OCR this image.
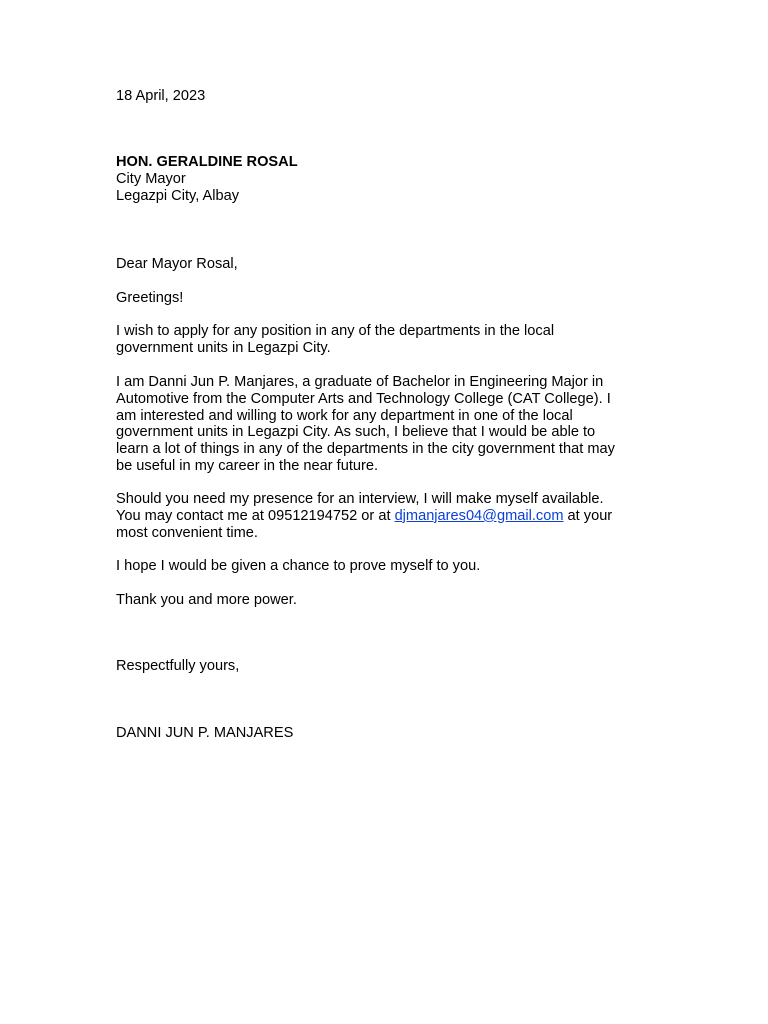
18 April, 2023

HON. GERALDINE ROSAL
City Mayor
Legazpi City, Albay

Dear Mayor Rosal,

Greetings!

I wish to apply for any position in any of the departments in the local
government units in Legazpi City.
I am Danni Jun P. Manjares, a graduate of Bachelor in Engineering Major in
Automotive from the Computer Arts and Technology College (CAT College). I
am interested and willing to work for any department in one of the local
government units in Legazpi City. As such, I believe that I would be able to
learn a lot of things in any of the departments in the city government that may
be useful in my career in the near future.
Should you need my presence for an interview, I will make myself available.
You may contact me at 09512194752 or at djmanjares04@gmail.com at your
most convenient time.

I hope I would be given a chance to prove myself to you.

Thank you and more power.

Respectfully yours,

DANNI JUN P. MANJARES
